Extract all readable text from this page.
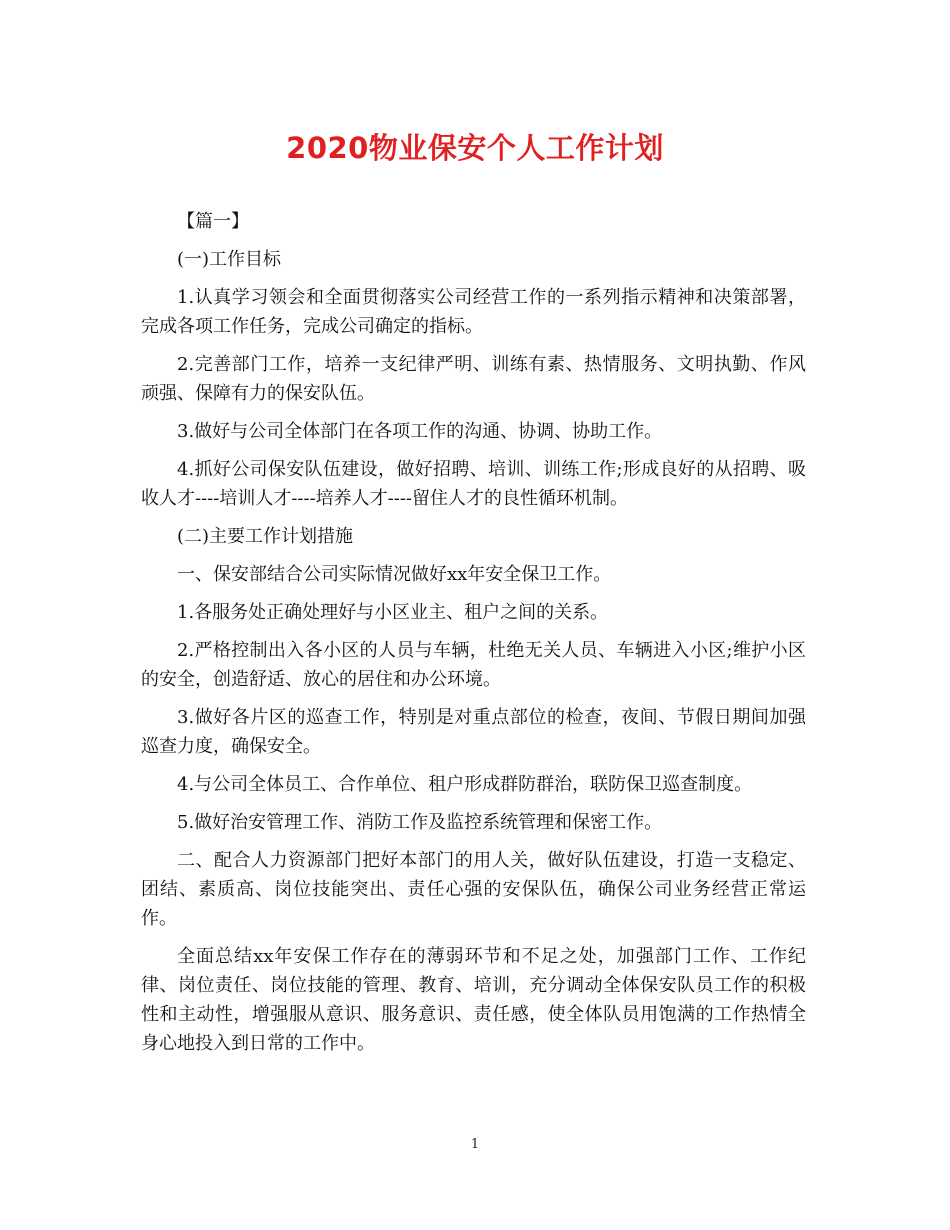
2020物业保安个人工作计划

【篇一】

(一)工作目标

1.认真学习领会和全面贯彻落实公司经营工作的一系列指示精神和决策部署，完成各项工作任务，完成公司确定的指标。

2.完善部门工作，培养一支纪律严明、训练有素、热情服务、文明执勤、作风顽强、保障有力的保安队伍。

3.做好与公司全体部门在各项工作的沟通、协调、协助工作。

4.抓好公司保安队伍建设，做好招聘、培训、训练工作;形成良好的从招聘、吸收人才----培训人才----培养人才----留住人才的良性循环机制。

(二)主要工作计划措施

一、保安部结合公司实际情况做好xx年安全保卫工作。

1.各服务处正确处理好与小区业主、租户之间的关系。

2.严格控制出入各小区的人员与车辆，杜绝无关人员、车辆进入小区;维护小区的安全，创造舒适、放心的居住和办公环境。

3.做好各片区的巡查工作，特别是对重点部位的检查，夜间、节假日期间加强巡查力度，确保安全。

4.与公司全体员工、合作单位、租户形成群防群治，联防保卫巡查制度。

5.做好治安管理工作、消防工作及监控系统管理和保密工作。

二、配合人力资源部门把好本部门的用人关，做好队伍建设，打造一支稳定、团结、素质高、岗位技能突出、责任心强的安保队伍，确保公司业务经营正常运作。

全面总结xx年安保工作存在的薄弱环节和不足之处，加强部门工作、工作纪律、岗位责任、岗位技能的管理、教育、培训，充分调动全体保安队员工作的积极性和主动性，增强服从意识、服务意识、责任感，使全体队员用饱满的工作热情全身心地投入到日常的工作中。

1
